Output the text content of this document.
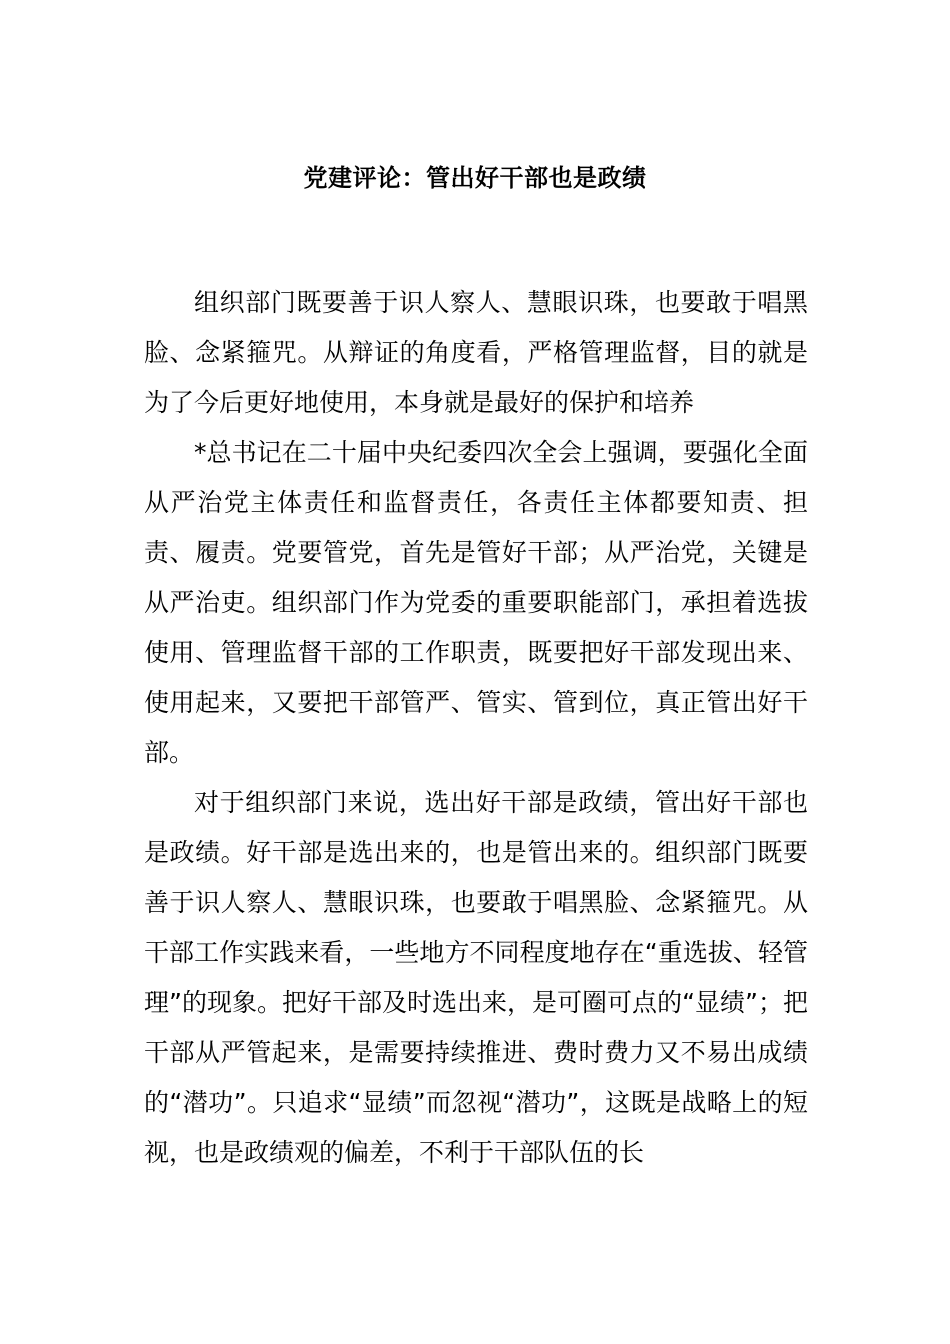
党建评论：管出好干部也是政绩

组织部门既要善于识人察人、慧眼识珠，也要敢于唱黑脸、念紧箍咒。从辩证的角度看，严格管理监督，目的就是为了今后更好地使用，本身就是最好的保护和培养

*总书记在二十届中央纪委四次全会上强调，要强化全面从严治党主体责任和监督责任，各责任主体都要知责、担责、履责。党要管党，首先是管好干部；从严治党，关键是从严治吏。组织部门作为党委的重要职能部门，承担着选拔使用、管理监督干部的工作职责，既要把好干部发现出来、使用起来，又要把干部管严、管实、管到位，真正管出好干部。

对于组织部门来说，选出好干部是政绩，管出好干部也是政绩。好干部是选出来的，也是管出来的。组织部门既要善于识人察人、慧眼识珠，也要敢于唱黑脸、念紧箍咒。从干部工作实践来看，一些地方不同程度地存在“重选拔、轻管理”的现象。把好干部及时选出来，是可圈可点的“显绩”；把干部从严管起来，是需要持续推进、费时费力又不易出成绩的“潜功”。只追求“显绩”而忽视“潜功”，这既是战略上的短视，也是政绩观的偏差，不利于干部队伍的长
